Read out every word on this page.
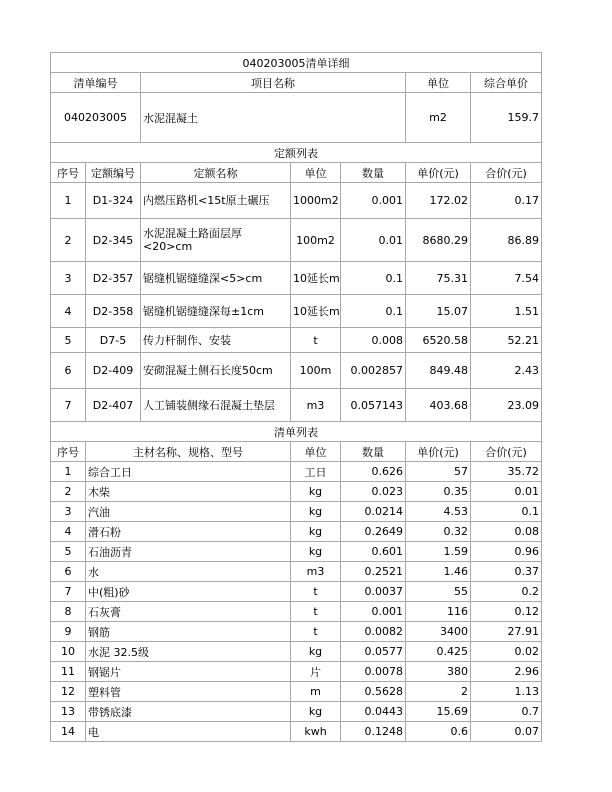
040203005清单详细						
清单编号		项目名称			单位	综合单价
040203005		水泥混凝土			m2	159.7
定额列表						
序号	定额编号	定额名称	单位	数量	单价(元)	合价(元)
1	D1-324	内燃压路机<15t原土碾压	1000m2	0.001	172.02	0.17
2	D2-345	水泥混凝土路面层厚<20>cm	100m2	0.01	8680.29	86.89
3	D2-357	锯缝机锯缝缝深<5>cm	10延长m	0.1	75.31	7.54
4	D2-358	锯缝机锯缝缝深每±1cm	10延长m	0.1	15.07	1.51
5	D7-5	传力杆制作、安装	t	0.008	6520.58	52.21
6	D2-409	安砌混凝土侧石长度50cm	100m	0.002857	849.48	2.43
7	D2-407	人工铺装侧缘石混凝土垫层	m3	0.057143	403.68	23.09
清单列表						
序号	主材名称、规格、型号		单位	数量	单价(元)	合价(元)
1	综合工日		工日	0.626	57	35.72
2	木柴		kg	0.023	0.35	0.01
3	汽油		kg	0.0214	4.53	0.1
4	滑石粉		kg	0.2649	0.32	0.08
5	石油沥青		kg	0.601	1.59	0.96
6	水		m3	0.2521	1.46	0.37
7	中(粗)砂		t	0.0037	55	0.2
8	石灰膏		t	0.001	116	0.12
9	钢筋		t	0.0082	3400	27.91
10	水泥 32.5级		kg	0.0577	0.425	0.02
11	钢锯片		片	0.0078	380	2.96
12	塑料管		m	0.5628	2	1.13
13	带锈底漆		kg	0.0443	15.69	0.7
14	电		kwh	0.1248	0.6	0.07
